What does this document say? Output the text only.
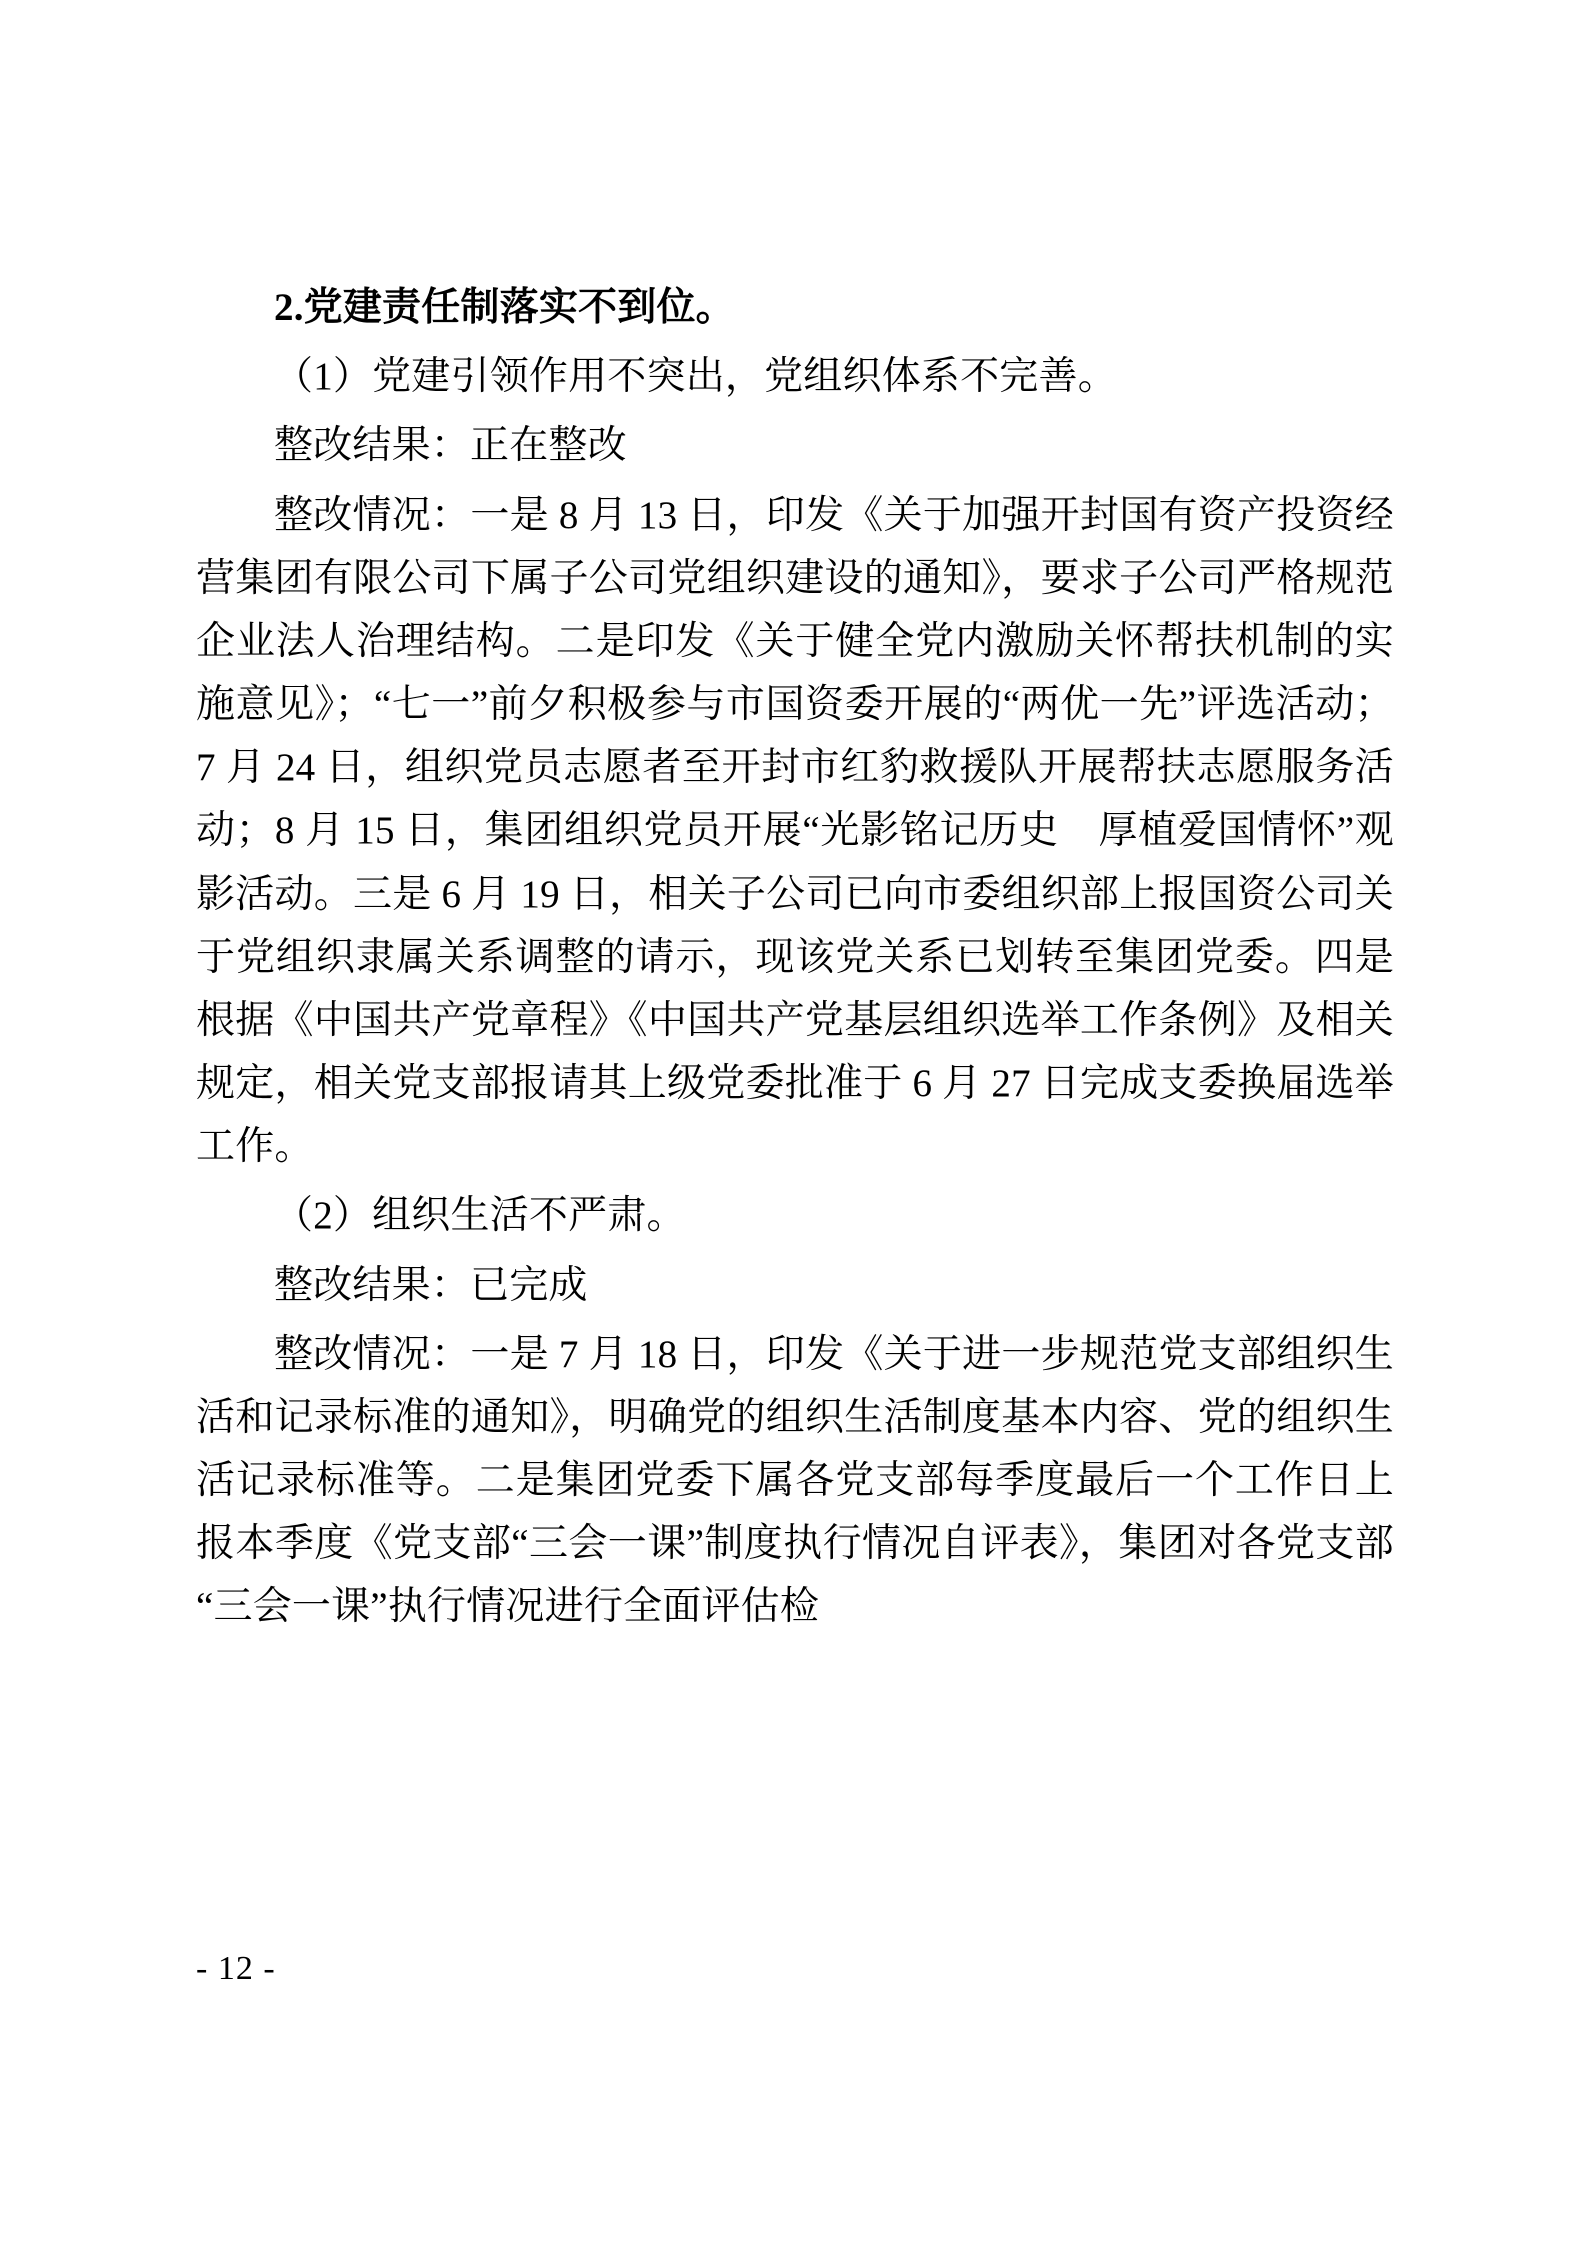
2.党建责任制落实不到位。

（1）党建引领作用不突出，党组织体系不完善。

整改结果：正在整改

整改情况：一是 8 月 13 日，印发《关于加强开封国有资产投资经营集团有限公司下属子公司党组织建设的通知》，要求子公司严格规范企业法人治理结构。二是印发《关于健全党内激励关怀帮扶机制的实施意见》；“七一”前夕积极参与市国资委开展的“两优一先”评选活动；7 月 24 日，组织党员志愿者至开封市红豹救援队开展帮扶志愿服务活动；8 月 15 日，集团组织党员开展“光影铭记历史　厚植爱国情怀”观影活动。三是 6 月 19 日，相关子公司已向市委组织部上报国资公司关于党组织隶属关系调整的请示，现该党关系已划转至集团党委。四是根据《中国共产党章程》《中国共产党基层组织选举工作条例》及相关规定，相关党支部报请其上级党委批准于 6 月 27 日完成支委换届选举工作。

（2）组织生活不严肃。

整改结果：已完成

整改情况：一是 7 月 18 日，印发《关于进一步规范党支部组织生活和记录标准的通知》，明确党的组织生活制度基本内容、党的组织生活记录标准等。二是集团党委下属各党支部每季度最后一个工作日上报本季度《党支部“三会一课”制度执行情况自评表》，集团对各党支部“三会一课”执行情况进行全面评估检

- 12 -
